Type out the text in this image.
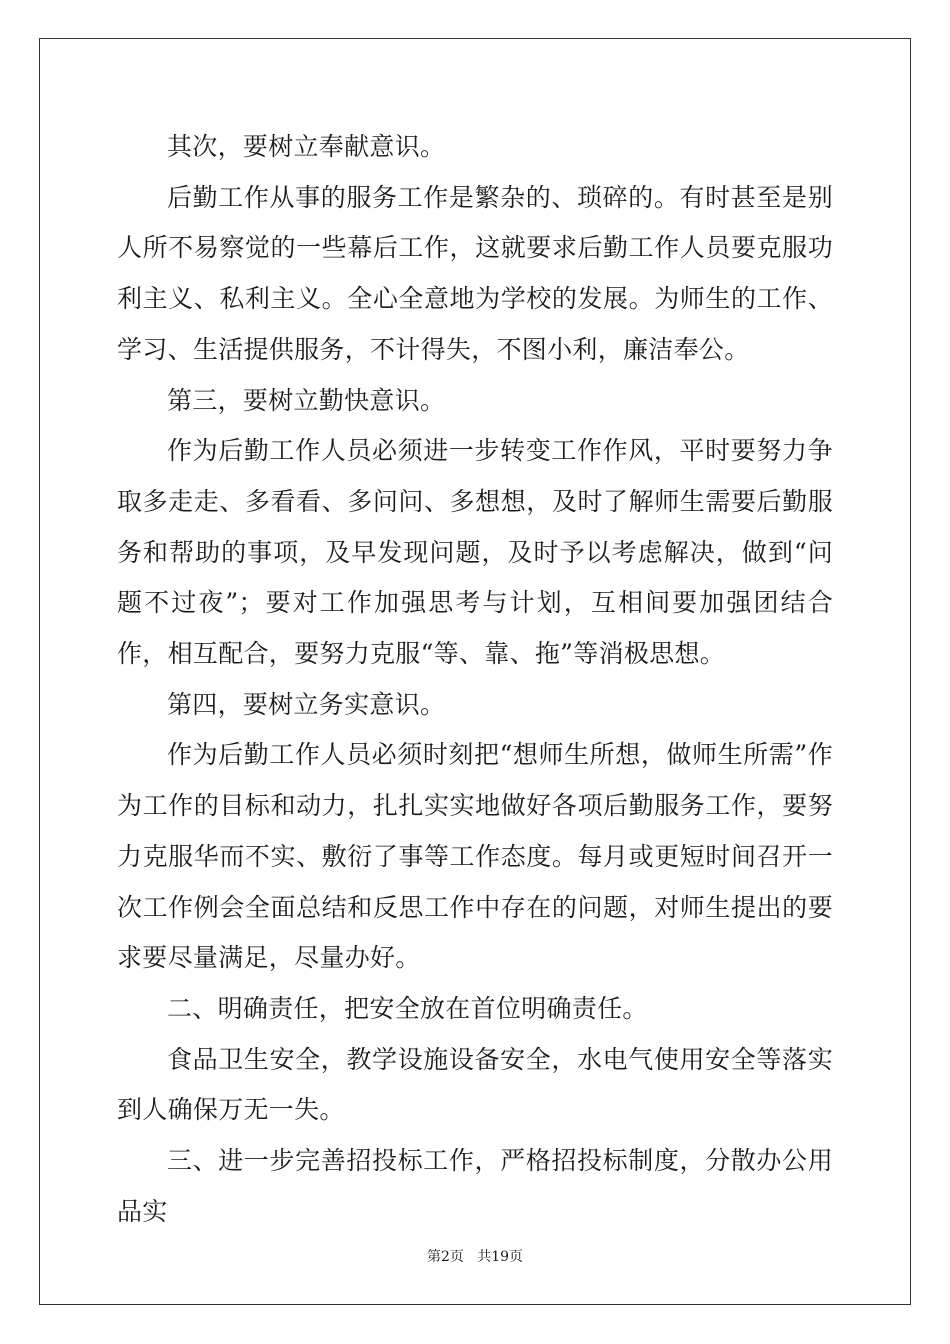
其次，要树立奉献意识。

后勤工作从事的服务工作是繁杂的、琐碎的。有时甚至是别人所不易察觉的一些幕后工作，这就要求后勤工作人员要克服功利主义、私利主义。全心全意地为学校的发展。为师生的工作、学习、生活提供服务，不计得失，不图小利，廉洁奉公。

第三，要树立勤快意识。

作为后勤工作人员必须进一步转变工作作风，平时要努力争取多走走、多看看、多问问、多想想，及时了解师生需要后勤服务和帮助的事项，及早发现问题，及时予以考虑解决，做到“问题不过夜”；要对工作加强思考与计划，互相间要加强团结合作，相互配合，要努力克服“等、靠、拖”等消极思想。

第四，要树立务实意识。

作为后勤工作人员必须时刻把“想师生所想，做师生所需”作为工作的目标和动力，扎扎实实地做好各项后勤服务工作，要努力克服华而不实、敷衍了事等工作态度。每月或更短时间召开一次工作例会全面总结和反思工作中存在的问题，对师生提出的要求要尽量满足，尽量办好。

二、明确责任，把安全放在首位明确责任。

食品卫生安全，教学设施设备安全，水电气使用安全等落实到人确保万无一失。

三、进一步完善招投标工作，严格招投标制度，分散办公用品实

第2页   共19页
